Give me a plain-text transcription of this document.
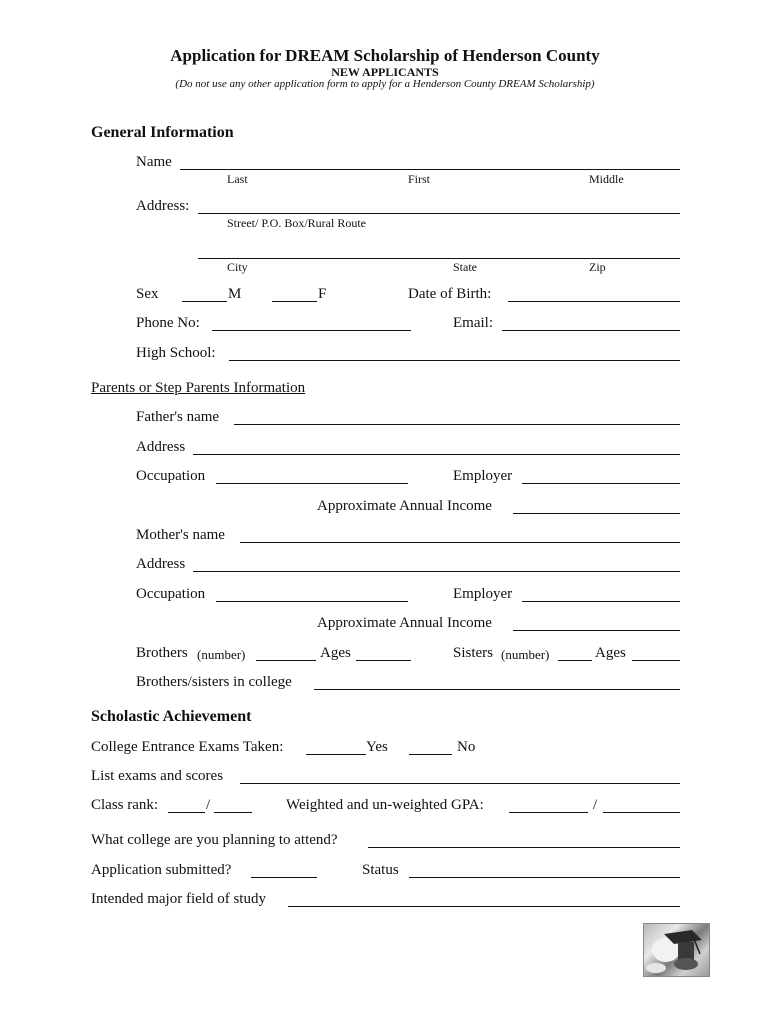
Application for DREAM Scholarship of Henderson County
NEW APPLICANTS
(Do not use any other application form to apply for a Henderson County DREAM Scholarship)
General Information
Name
Last	First	Middle
Address:
Street/ P.O. Box/Rural Route
City	State	Zip
Sex	M	F	Date of Birth:
Phone No:	Email:
High School:
Parents or Step Parents Information
Father's name
Address
Occupation	Employer
Approximate Annual Income
Mother's name
Address
Occupation	Employer
Approximate Annual Income
Brothers (number)	Ages	Sisters (number)	Ages
Brothers/sisters in college
Scholastic Achievement
College Entrance Exams Taken:	Yes	No
List exams and scores
Class rank:	/	Weighted and un-weighted GPA:	/
What college are you planning to attend?
Application submitted?	Status
Intended major field of study
